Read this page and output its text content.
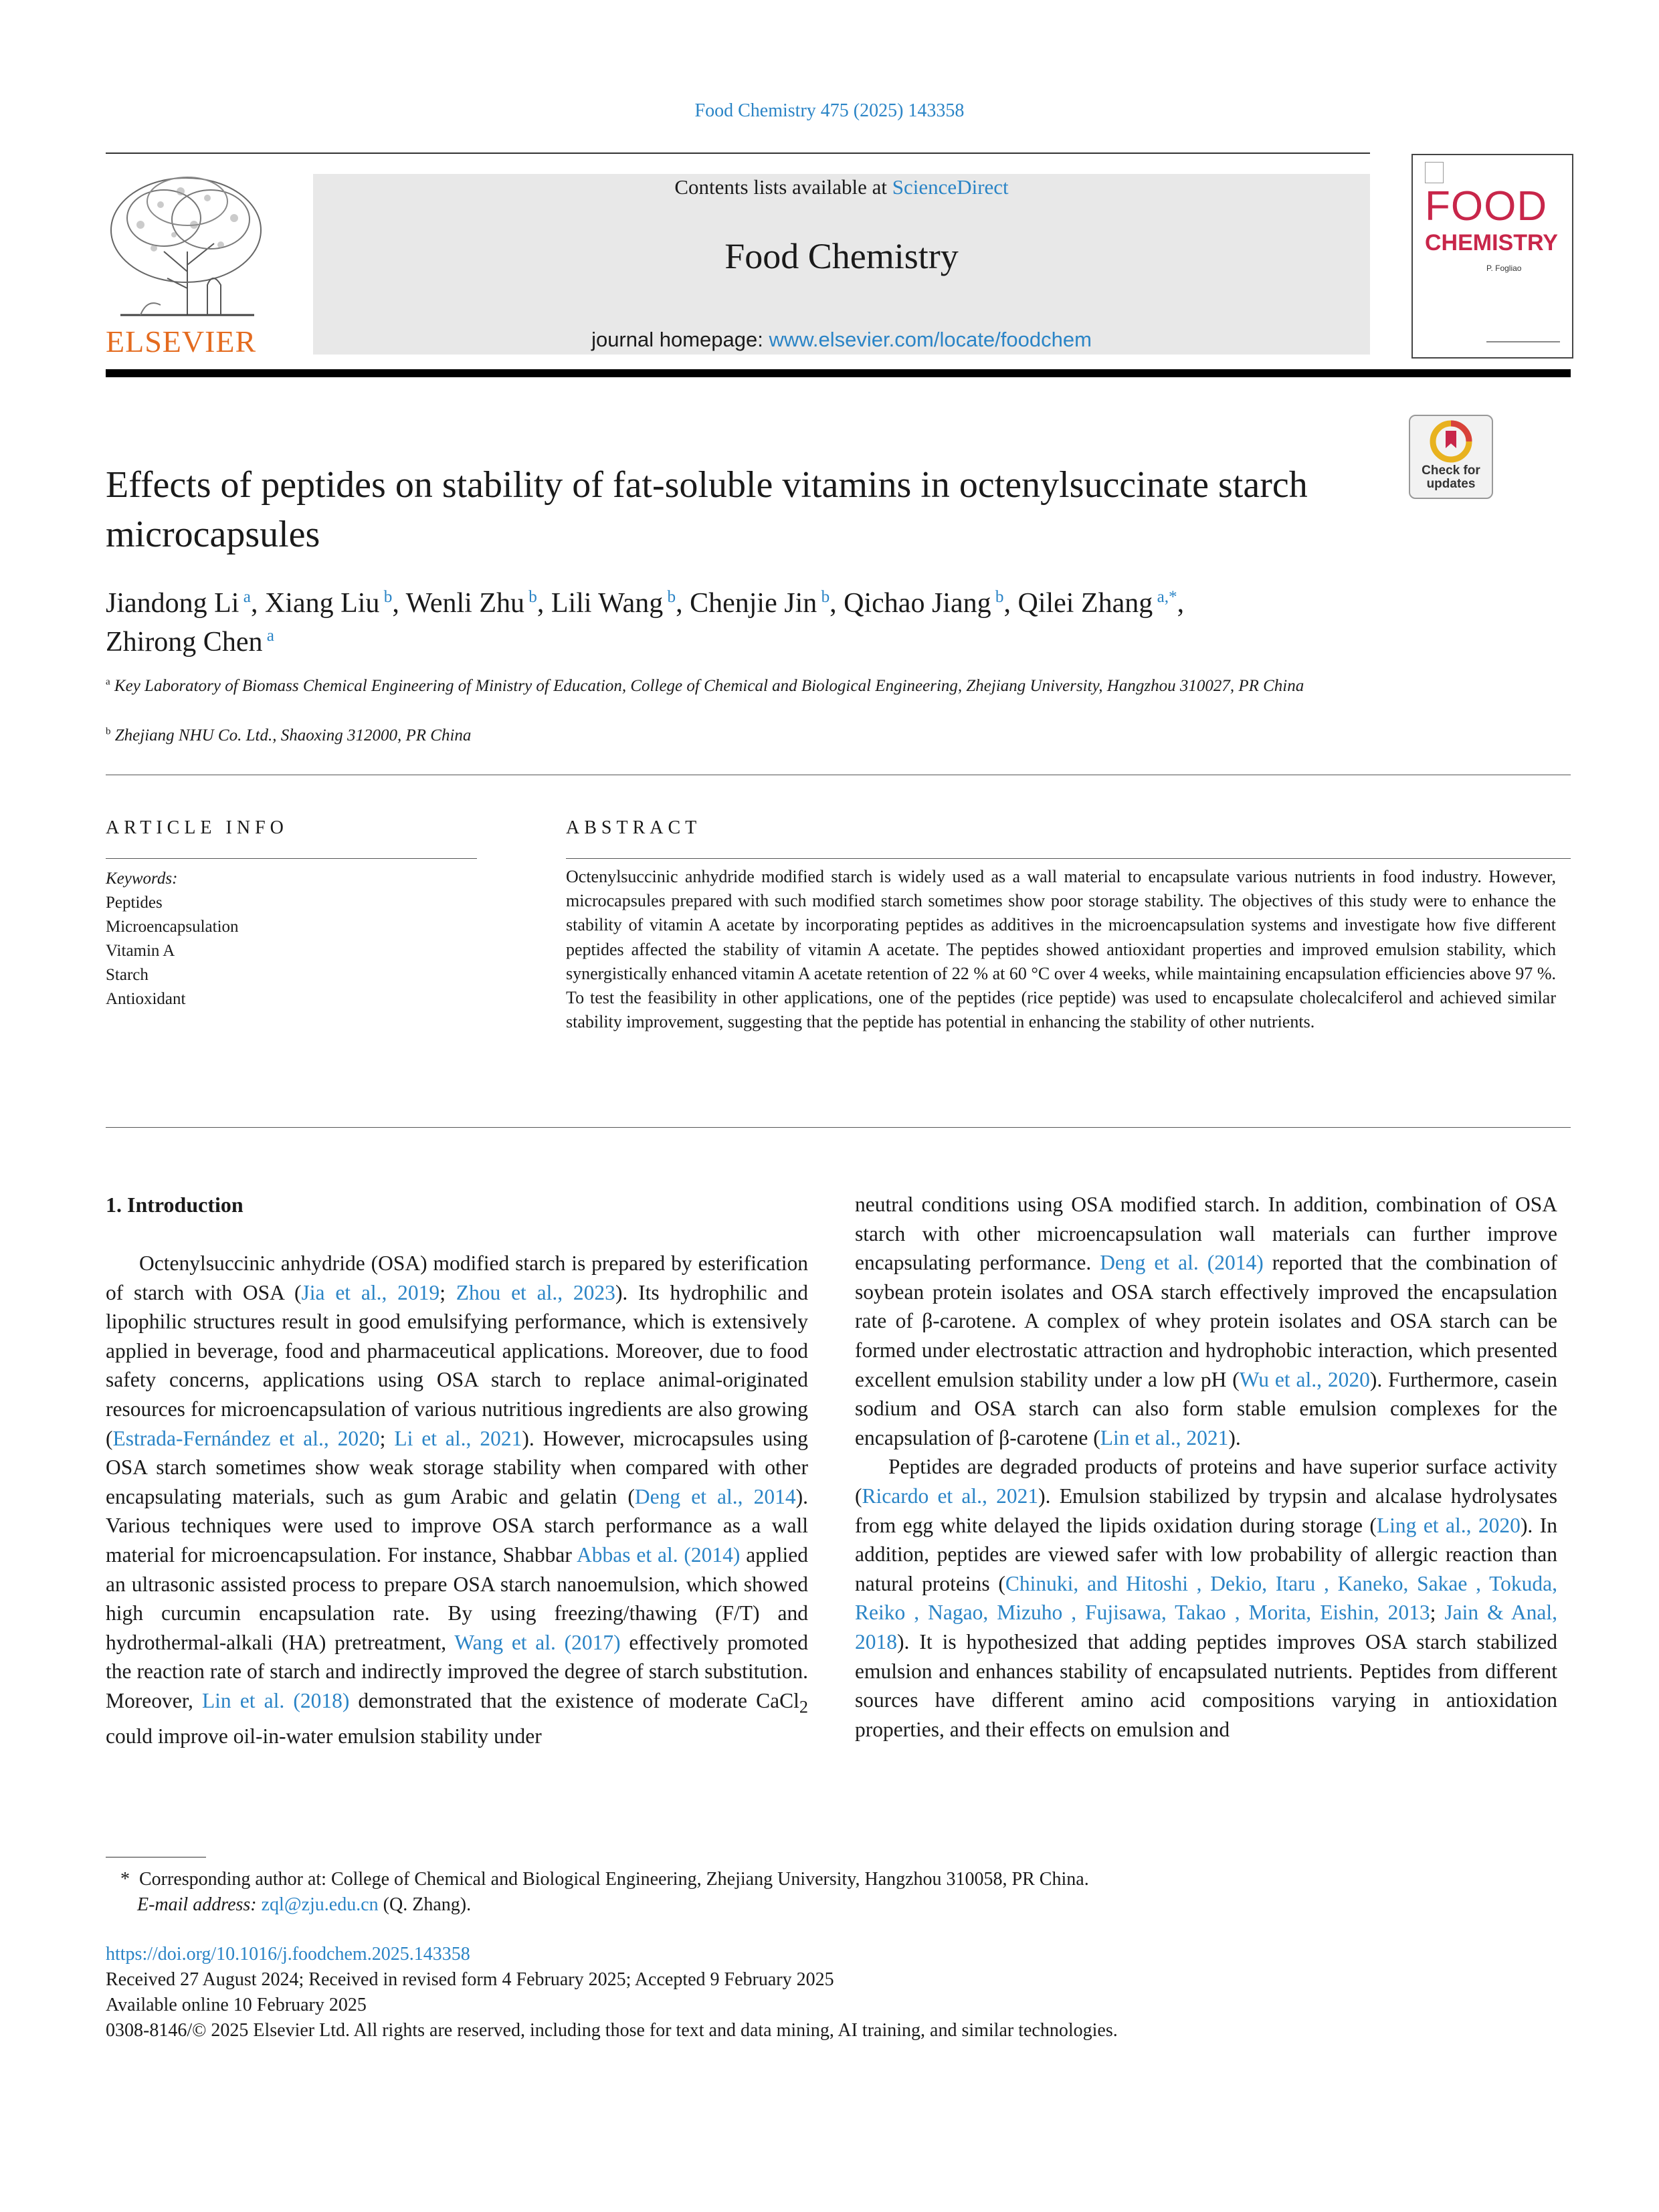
Food Chemistry 475 (2025) 143358
ELSEVIER
Contents lists available at ScienceDirect
Food Chemistry
journal homepage: www.elsevier.com/locate/foodchem
FOOD
CHEMISTRY
P. Fogliao
Check for
updates
Effects of peptides on stability of fat-soluble vitamins in octenylsuccinate starch microcapsules
Jiandong Li $^a$, Xiang Liu $^b$, Wenli Zhu $^b$, Lili Wang $^b$, Chenjie Jin $^b$, Qichao Jiang $^b$, Qilei Zhang $^{a,*}$,
Zhirong Chen $^a$
$^a$ Key Laboratory of Biomass Chemical Engineering of Ministry of Education, College of Chemical and Biological Engineering, Zhejiang University, Hangzhou 310027, PR China
$^b$ Zhejiang NHU Co. Ltd., Shaoxing 312000, PR China
ARTICLE INFO
Keywords:
Peptides
Microencapsulation
Vitamin A
Starch
Antioxidant
ABSTRACT
Octenylsuccinic anhydride modified starch is widely used as a wall material to encapsulate various nutrients in food industry. However, microcapsules prepared with such modified starch sometimes show poor storage stability. The objectives of this study were to enhance the stability of vitamin A acetate by incorporating peptides as additives in the microencapsulation systems and investigate how five different peptides affected the stability of vitamin A acetate. The peptides showed antioxidant properties and improved emulsion stability, which synergistically enhanced vitamin A acetate retention of 22 % at 60 °C over 4 weeks, while maintaining encapsulation efficiencies above 97 %. To test the feasibility in other applications, one of the peptides (rice peptide) was used to encapsulate cholecalciferol and achieved similar stability improvement, suggesting that the peptide has potential in enhancing the stability of other nutrients.
1. Introduction

Octenylsuccinic anhydride (OSA) modified starch is prepared by esterification of starch with OSA (Jia et al., 2019; Zhou et al., 2023). Its hydrophilic and lipophilic structures result in good emulsifying performance, which is extensively applied in beverage, food and pharmaceutical applications. Moreover, due to food safety concerns, applications using OSA starch to replace animal-originated resources for microencapsulation of various nutritious ingredients are also growing (Estrada-Fernández et al., 2020; Li et al., 2021). However, microcapsules using OSA starch sometimes show weak storage stability when compared with other encapsulating materials, such as gum Arabic and gelatin (Deng et al., 2014). Various techniques were used to improve OSA starch performance as a wall material for microencapsulation. For instance, Shabbar Abbas et al. (2014) applied an ultrasonic assisted process to prepare OSA starch nanoemulsion, which showed high curcumin encapsulation rate. By using freezing/thawing (F/T) and hydrothermal-alkali (HA) pretreatment, Wang et al. (2017) effectively promoted the reaction rate of starch and indirectly improved the degree of starch substitution. Moreover, Lin et al. (2018) demonstrated that the existence of moderate CaCl$_2$ could improve oil-in-water emulsion stability under

neutral conditions using OSA modified starch. In addition, combination of OSA starch with other microencapsulation wall materials can further improve encapsulating performance. Deng et al. (2014) reported that the combination of soybean protein isolates and OSA starch effectively improved the encapsulation rate of β-carotene. A complex of whey protein isolates and OSA starch can be formed under electrostatic attraction and hydrophobic interaction, which presented excellent emulsion stability under a low pH (Wu et al., 2020). Furthermore, casein sodium and OSA starch can also form stable emulsion complexes for the encapsulation of β-carotene (Lin et al., 2021).

Peptides are degraded products of proteins and have superior surface activity (Ricardo et al., 2021). Emulsion stabilized by trypsin and alcalase hydrolysates from egg white delayed the lipids oxidation during storage (Ling et al., 2020). In addition, peptides are viewed safer with low probability of allergic reaction than natural proteins (Chinuki, and Hitoshi , Dekio, Itaru , Kaneko, Sakae , Tokuda, Reiko , Nagao, Mizuho , Fujisawa, Takao , Morita, Eishin, 2013; Jain & Anal, 2018). It is hypothesized that adding peptides improves OSA starch stabilized emulsion and enhances stability of encapsulated nutrients. Peptides from different sources have different amino acid compositions varying in antioxidation properties, and their effects on emulsion and

* Corresponding author at: College of Chemical and Biological Engineering, Zhejiang University, Hangzhou 310058, PR China.
E-mail address: zql@zju.edu.cn (Q. Zhang).
https://doi.org/10.1016/j.foodchem.2025.143358
Received 27 August 2024; Received in revised form 4 February 2025; Accepted 9 February 2025
Available online 10 February 2025
0308-8146/© 2025 Elsevier Ltd. All rights are reserved, including those for text and data mining, AI training, and similar technologies.
